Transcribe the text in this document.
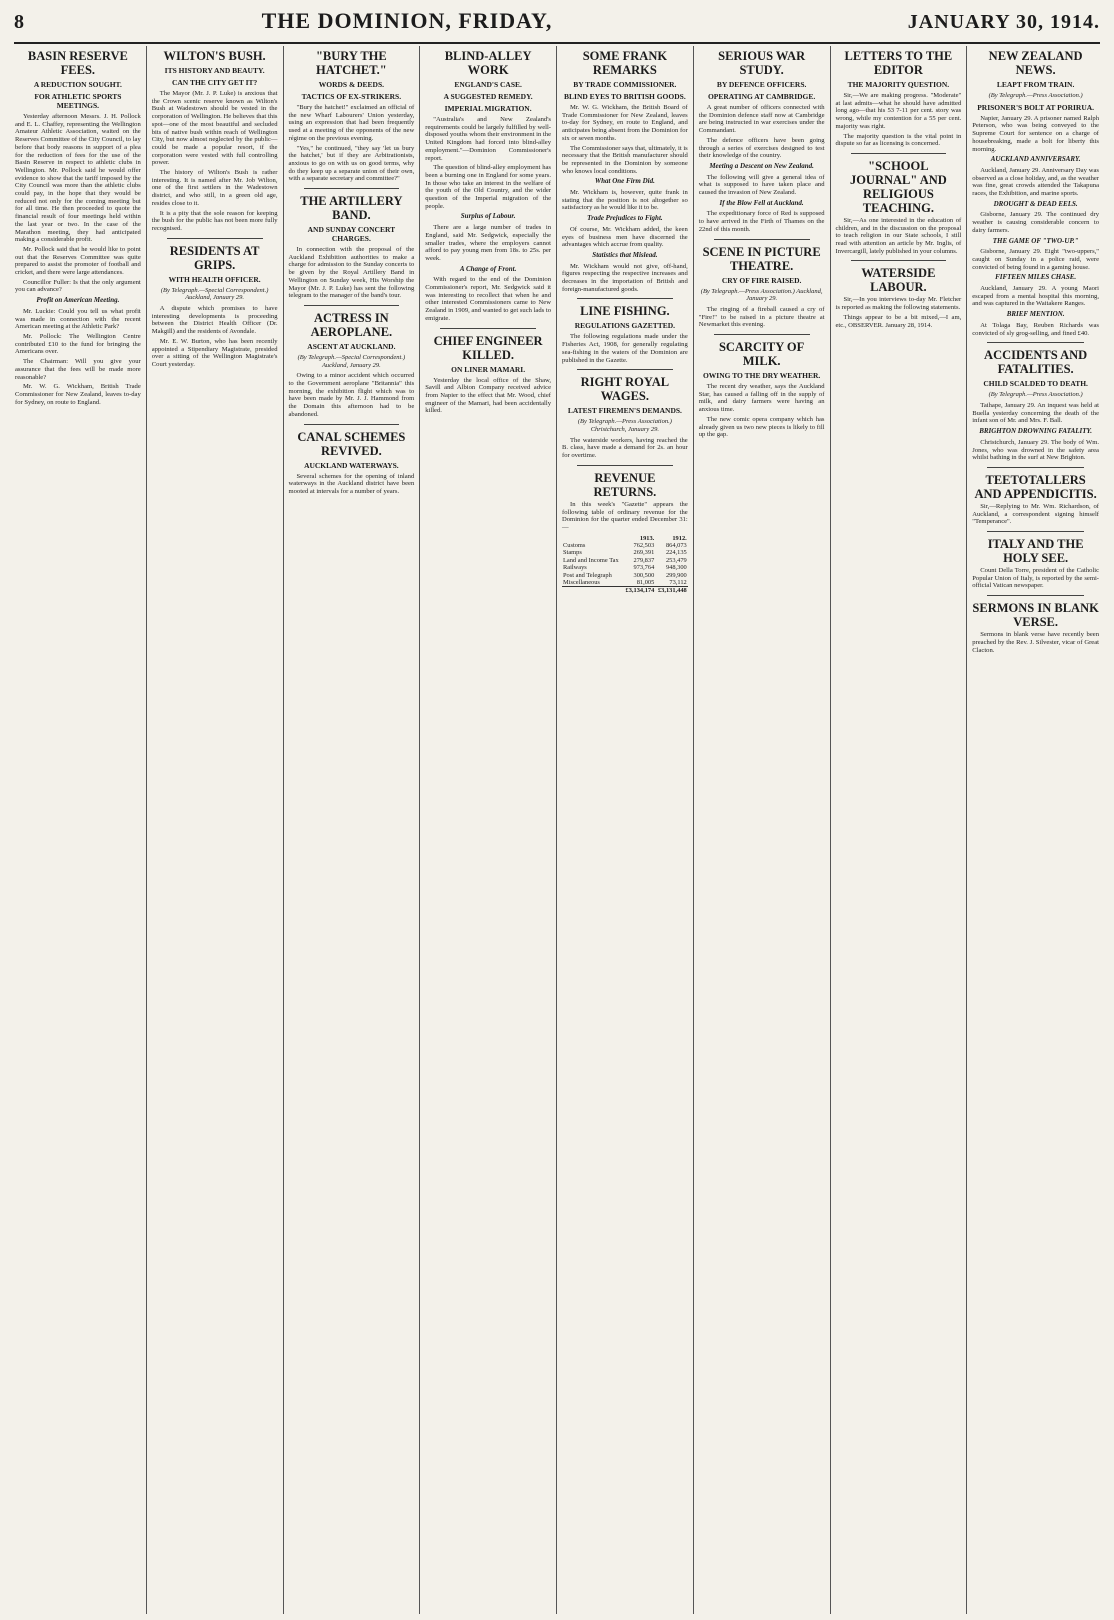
8	THE DOMINION, FRIDAY,	JANUARY 30, 1914.
BASIN RESERVE FEES.
A REDUCTION SOUGHT.
FOR ATHLETIC SPORTS MEETINGS.

Yesterday afternoon Messrs. J. H. Pollock and E. L. Chaffey, representing the Wellington Amateur Athletic Association, waited on the Reserves Committee of the City Council, to lay before that body reasons in support of a plea for the reduction of fees for the use of the Basin Reserve in respect to athletic clubs in Wellington. Mr. Pollock said he would offer evidence to show that the tariff imposed by the City Council was more than the athletic clubs could pay, in the hope that they would be reduced not only for the coming meeting but for all time. He then proceeded to quote the financial result of four meetings held within the last year or two. In the case of the Marathon meeting, they had anticipated making a considerable profit.

Mr. Pollock said that he would like to point out that the Reserves Committee was quite prepared to assist the promoter of football and cricket, and there were large attendances.

Councillor Fuller: Is that the only argument you can advance?

Profit on American Meeting.

Mr. Luckie: Could you tell us what profit was made in connection with the recent American meeting at the Athletic Park?

Mr. Pollock: The Wellington Centre contributed £10 to the fund for bringing the Americans over.

The Chairman: Will you give your assurance that the fees will be made more reasonable?

Mr. W. G. Wickham, British Trade Commissioner for New Zealand, leaves to-day for Sydney, on route to England.

WILTON'S BUSH.
ITS HISTORY AND BEAUTY.
CAN THE CITY GET IT?

The Mayor (Mr. J. P. Luke) is anxious that the Crown scenic reserve known as Wilton's Bush at Wadestown should be vested in the corporation of Wellington. He believes that this spot—one of the most beautiful and secluded bits of native bush within reach of Wellington City, but now almost neglected by the public—could be made a popular resort, if the corporation were vested with full controlling power.

The history of Wilton's Bush is rather interesting. It is named after Mr. Job Wilton, one of the first settlers in the Wadestown district, and who still, in a green old age, resides close to it.

It is a pity that the sole reason for keeping the bush for the public has not been more fully recognised.

RESIDENTS AT GRIPS.
WITH HEALTH OFFICER.
(By Telegraph.—Special Correspondent.) Auckland, January 29.

A dispute which promises to have interesting developments is proceeding between the District Health Officer (Dr. Makgill) and the residents of Avondale.

Mr. E. W. Burton, who has been recently appointed a Stipendiary Magistrate, presided over a sitting of the Wellington Magistrate's Court yesterday.

"BURY THE HATCHET."
WORDS & DEEDS.
TACTICS OF EX-STRIKERS.

"Bury the hatchet!" exclaimed an official of the new Wharf Labourers' Union yesterday, using an expression that had been frequently used at a meeting of the opponents of the new régime on the previous evening.

"Yes," he continued, "they say 'let us bury the hatchet,' but if they are Arbitrationists, anxious to go on with us on good terms, why do they keep up a separate union of their own, with a separate secretary and committee?"

THE ARTILLERY BAND.
AND SUNDAY CONCERT CHARGES.

In connection with the proposal of the Auckland Exhibition authorities to make a charge for admission to the Sunday concerts to be given by the Royal Artillery Band in Wellington on Sunday week, His Worship the Mayor (Mr. J. P. Luke) has sent the following telegram to the manager of the band's tour.

ACTRESS IN AEROPLANE.
ASCENT AT AUCKLAND.
(By Telegraph.—Special Correspondent.) Auckland, January 29.

Owing to a minor accident which occurred to the Government aeroplane "Britannia" this morning, the exhibition flight which was to have been made by Mr. J. J. Hammond from the Domain this afternoon had to be abandoned.

CANAL SCHEMES REVIVED.
AUCKLAND WATERWAYS.

Several schemes for the opening of inland waterways in the Auckland district have been mooted at intervals for a number of years.

BLIND-ALLEY WORK
ENGLAND'S CASE.
A SUGGESTED REMEDY.
IMPERIAL MIGRATION.

"Australia's and New Zealand's requirements could be largely fulfilled by well-disposed youths whom their environment in the United Kingdom had forced into blind-alley employment."—Dominion Commissioner's report.

The question of blind-alley employment has been a burning one in England for some years. In those who take an interest in the welfare of the youth of the Old Country, and the wider question of the Imperial migration of the people.

Surplus of Labour.

There are a large number of trades in England, said Mr. Sedgwick, especially the smaller trades, where the employers cannot afford to pay young men from 18s. to 25s. per week.

A Change of Front.

With regard to the end of the Dominion Commissioner's report, Mr. Sedgwick said it was interesting to recollect that when he and other interested Commissioners came to New Zealand in 1909, and wanted to get such lads to emigrate.

CHIEF ENGINEER KILLED.
ON LINER MAMARI.

Yesterday the local office of the Shaw, Savill and Albion Company received advice from Napier to the effect that Mr. Wood, chief engineer of the Mamari, had been accidentally killed.

SOME FRANK REMARKS
BY TRADE COMMISSIONER.
BLIND EYES TO BRITISH GOODS.

Mr. W. G. Wickham, the British Board of Trade Commissioner for New Zealand, leaves to-day for Sydney, en route to England, and anticipates being absent from the Dominion for six or seven months.

The Commissioner says that, ultimately, it is necessary that the British manufacturer should be represented in the Dominion by someone who knows local conditions.

What One Firm Did.

Mr. Wickham is, however, quite frank in stating that the position is not altogether so satisfactory as he would like it to be.

Trade Prejudices to Fight.

Of course, Mr. Wickham added, the keen eyes of business men have discerned the advantages which accrue from quality.

Statistics that Mislead.

Mr. Wickham would not give, off-hand, figures respecting the respective increases and decreases in the importation of British and foreign-manufactured goods.

LINE FISHING.
REGULATIONS GAZETTED.

The following regulations made under the Fisheries Act, 1908, for generally regulating sea-fishing in the waters of the Dominion are published in the Gazette.

RIGHT ROYAL WAGES.
LATEST FIREMEN'S DEMANDS.
(By Telegraph.—Press Association.) Christchurch, January 29.

The waterside workers, having reached the B. class, have made a demand for 2s. an hour for overtime.

REVENUE RETURNS.

In this week's "Gazette" appears the following table of ordinary revenue for the Dominion for the quarter ended December 31:—

	1913.	1912.
Customs	762,503	864,073
Stamps	269,391	224,135
Land and Income Tax	279,837	253,479
Railways	973,764	948,300
Post and Telegraph	300,500	299,900
Miscellaneous	81,005	73,112
	£3,134,174	£3,131,448
SERIOUS WAR STUDY.
BY DEFENCE OFFICERS.
OPERATING AT CAMBRIDGE.

A great number of officers connected with the Dominion defence staff now at Cambridge are being instructed in war exercises under the Commandant.

The defence officers have been going through a series of exercises designed to test their knowledge of the country.

Meeting a Descent on New Zealand.

The following will give a general idea of what is supposed to have taken place and caused the invasion of New Zealand.

If the Blow Fell at Auckland.

The expeditionary force of Red is supposed to have arrived in the Firth of Thames on the 22nd of this month.

SCENE IN PICTURE THEATRE.
CRY OF FIRE RAISED.
(By Telegraph.—Press Association.) Auckland, January 29.

The ringing of a fireball caused a cry of "Fire!" to be raised in a picture theatre at Newmarket this evening.

SCARCITY OF MILK.
OWING TO THE DRY WEATHER.

The recent dry weather, says the Auckland Star, has caused a falling off in the supply of milk, and dairy farmers were having an anxious time.

The new comic opera company which has already given us two new pieces is likely to fill up the gap.

LETTERS TO THE EDITOR
THE MAJORITY QUESTION.

Sir,—We are making progress. "Moderate" at last admits—what he should have admitted long ago—that his 53 7-11 per cent. story was wrong, while my contention for a 55 per cent. majority was right.

The majority question is the vital point in dispute so far as licensing is concerned.

"SCHOOL JOURNAL" AND RELIGIOUS TEACHING.

Sir,—As one interested in the education of children, and in the discussion on the proposal to teach religion in our State schools, I still read with attention an article by Mr. Inglis, of Invercargill, lately published in your columns.

WATERSIDE LABOUR.

Sir,—In you interviews to-day Mr. Fletcher is reported as making the following statements.

Things appear to be a bit mixed,—I am, etc., OBSERVER. January 28, 1914.

NEW ZEALAND NEWS.
LEAPT FROM TRAIN.
(By Telegraph.—Press Association.)
PRISONER'S BOLT AT PORIRUA.

Napier, January 29. A prisoner named Ralph Peterson, who was being conveyed to the Supreme Court for sentence on a charge of housebreaking, made a bolt for liberty this morning.

AUCKLAND ANNIVERSARY.

Auckland, January 29. Anniversary Day was observed as a close holiday, and, as the weather was fine, great crowds attended the Takapuna races, the Exhibition, and marine sports.

DROUGHT & DEAD EELS.

Gisborne, January 29. The continued dry weather is causing considerable concern to dairy farmers.

THE GAME OF "TWO-UP."

Gisborne, January 29. Eight "two-uppers," caught on Sunday in a police raid, were convicted of being found in a gaming house.

FIFTEEN MILES CHASE.

Auckland, January 29. A young Maori escaped from a mental hospital this morning, and was captured in the Waitakere Ranges.

BRIEF MENTION.

At Tolaga Bay, Reuben Richards was convicted of sly grog-selling, and fined £40.

ACCIDENTS AND FATALITIES.
CHILD SCALDED TO DEATH.
(By Telegraph.—Press Association.)

Taihape, January 29. An inquest was held at Buella yesterday concerning the death of the infant son of Mr. and Mrs. F. Ball.

BRIGHTON DROWNING FATALITY.

Christchurch, January 29. The body of Wm. Jones, who was drowned in the safety area whilst bathing in the surf at New Brighton.

TEETOTALLERS AND APPENDICITIS.

Sir,—Replying to Mr. Wm. Richardson, of Auckland, a correspondent signing himself "Temperance".

ITALY AND THE HOLY SEE.

Count Della Torre, president of the Catholic Popular Union of Italy, is reported by the semi-official Vatican newspaper.

SERMONS IN BLANK VERSE.

Sermons in blank verse have recently been preached by the Rev. J. Silvester, vicar of Great Clacton.
